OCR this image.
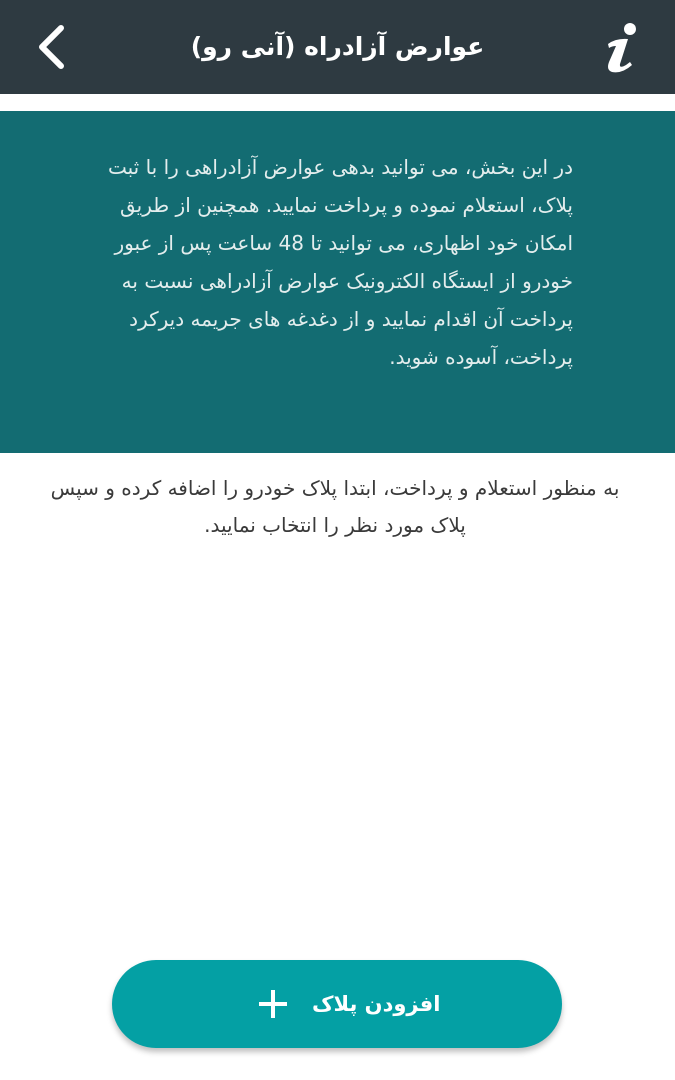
عوارض آزادراه (آنی رو)

در این بخش، می توانید بدهی عوارض آزادراهی را با ثبت پلاک، استعلام نموده و پرداخت نمایید. همچنین از طریق امکان خود اظهاری، می توانید تا 48 ساعت پس از عبور خودرو از ایستگاه الکترونیک عوارض آزادراهی نسبت به پرداخت آن اقدام نمایید و از دغدغه های جریمه دیرکرد پرداخت، آسوده شوید.

به منظور استعلام و پرداخت، ابتدا پلاک خودرو را اضافه کرده و سپس پلاک مورد نظر را انتخاب نمایید.

افزودن پلاک
